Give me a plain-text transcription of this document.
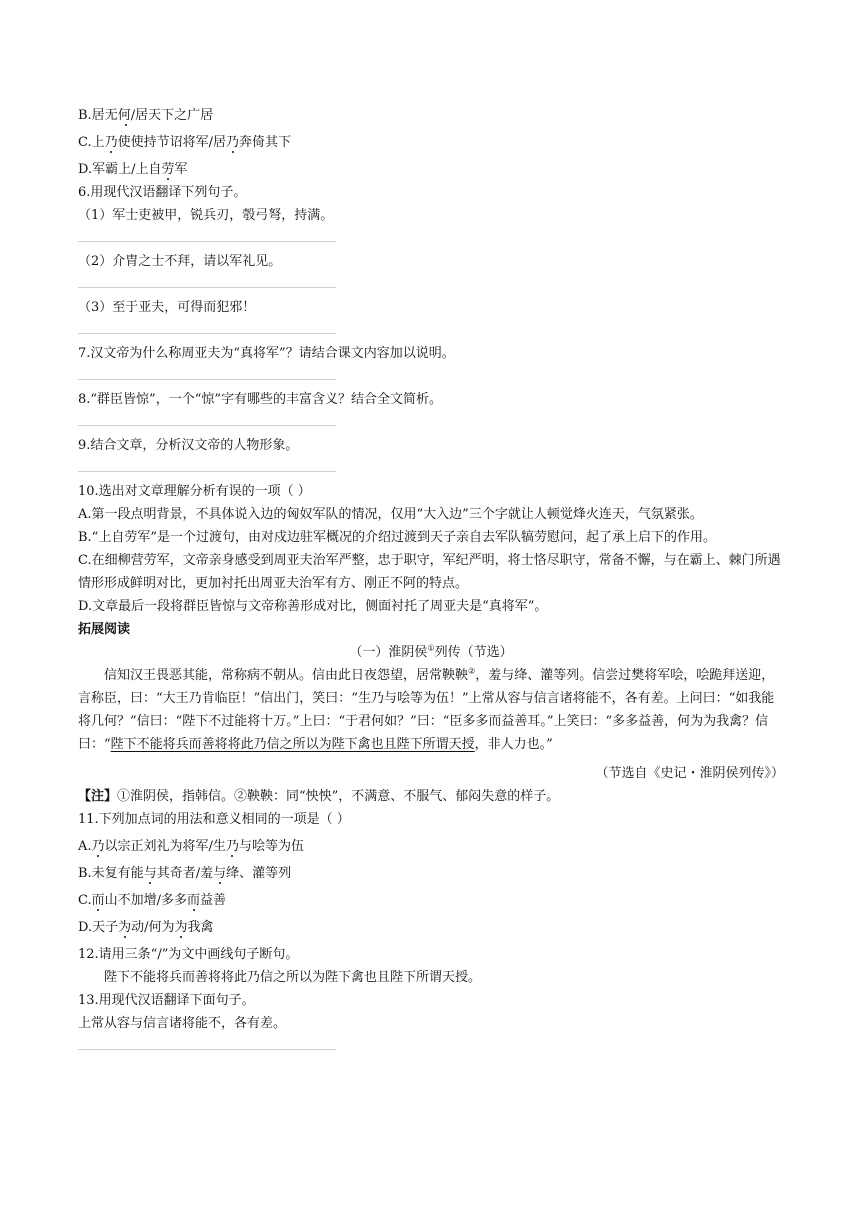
B.居无何/居天下之广居
C.上乃使使持节诏将军/居乃奔倚其下
D.军霸上/上自劳军
6.用现代汉语翻译下列句子。
（1）军士吏被甲，锐兵刃，彀弓弩，持满。
（2）介胄之士不拜，请以军礼见。
（3）至于亚夫，可得而犯邪！
7.汉文帝为什么称周亚夫为“真将军”？请结合课文内容加以说明。
8.“群臣皆惊”，一个“惊”字有哪些的丰富含义？结合全文简析。
9.结合文章，分析汉文帝的人物形象。
10.选出对文章理解分析有误的一项（ ）
A.第一段点明背景，不具体说入边的匈奴军队的情况，仅用“大入边”三个字就让人顿觉烽火连天，气氛紧张。
B.“上自劳军”是一个过渡句，由对戍边驻军概况的介绍过渡到天子亲自去军队犒劳慰问，起了承上启下的作用。
C.在细柳营劳军，文帝亲身感受到周亚夫治军严整，忠于职守，军纪严明，将士恪尽职守，常备不懈，与在霸上、棘门所遇情形形成鲜明对比，更加衬托出周亚夫治军有方、刚正不阿的特点。
D.文章最后一段将群臣皆惊与文帝称善形成对比，侧面衬托了周亚夫是“真将军”。
拓展阅读
（一）淮阴侯①列传（节选）
信知汉王畏恶其能，常称病不朝从。信由此日夜怨望，居常鞅鞅②，羞与绛、灌等列。信尝过樊将军哙，哙跪拜送迎，言称臣，曰：“大王乃肯临臣！”信出门，笑曰：“生乃与哙等为伍！”上常从容与信言诸将能不，各有差。上问曰：“如我能将几何？”信曰：“陛下不过能将十万。”上曰：“于君何如？”曰：“臣多多而益善耳。”上笑曰：“多多益善，何为为我禽？信曰：“陛下不能将兵而善将将此乃信之所以为陛下禽也且陛下所谓天授，非人力也。”
（节选自《史记・淮阴侯列传》）
【注】①淮阴侯，指韩信。②鞅鞅：同“怏怏”，不满意、不服气、郁闷失意的样子。
11.下列加点词的用法和意义相同的一项是（ ）
A.乃以宗正刘礼为将军/生乃与哙等为伍
B.未复有能与其奇者/羞与绛、灌等列
C.而山不加增/多多而益善
D.天子为动/何为为我禽
12.请用三条“/”为文中画线句子断句。
陛下不能将兵而善将将此乃信之所以为陛下禽也且陛下所谓天授。
13.用现代汉语翻译下面句子。
上常从容与信言诸将能不，各有差。
